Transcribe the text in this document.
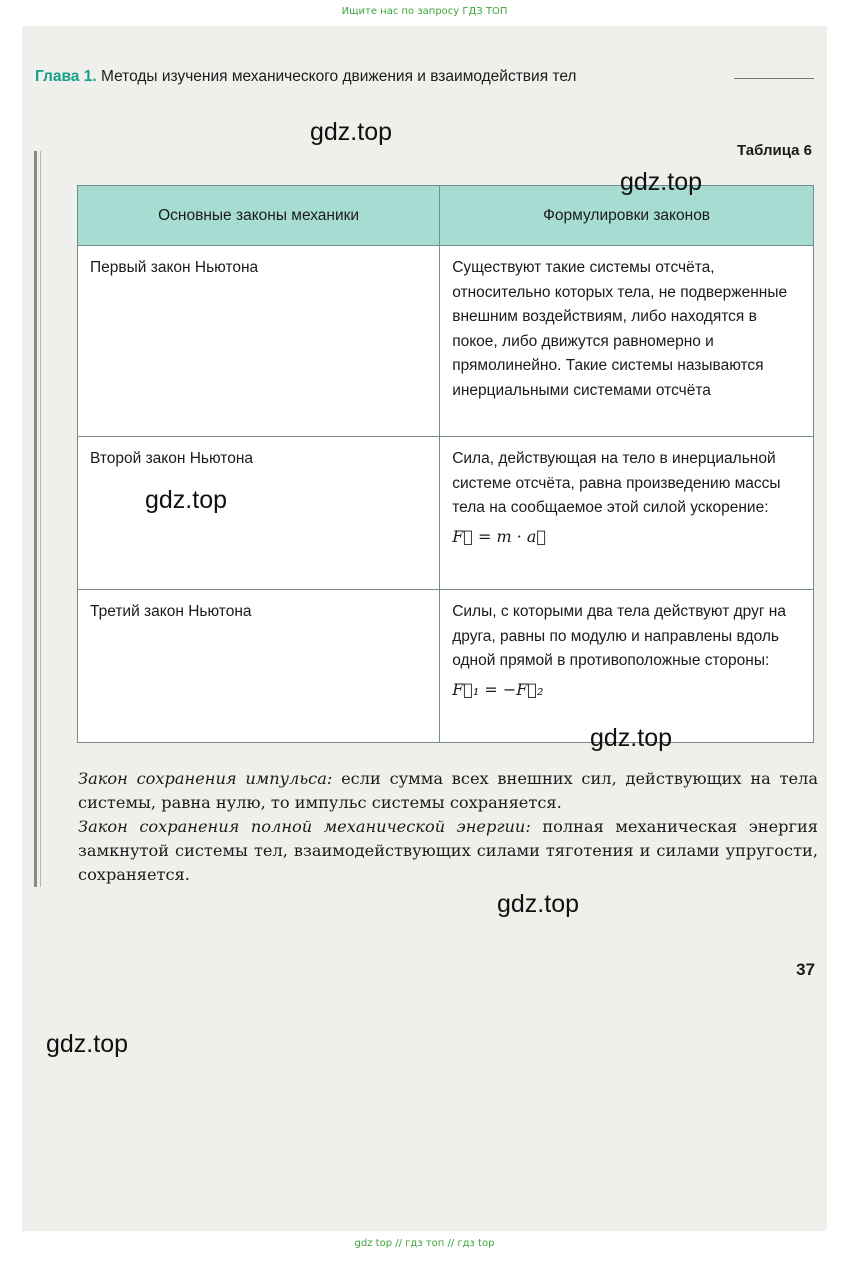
Ищите нас по запросу ГДЗ ТОП
Глава 1. Методы изучения механического движения и взаимодействия тел
Таблица 6
Основные законы механики	Формулировки законов
Первый закон Ньютона	Существуют такие системы отсчёта, относительно которых тела, не подверженные внешним воздействиям, либо находятся в покое, либо движутся равномерно и прямолинейно. Такие системы называются инерциальными системами отсчёта
Второй закон Ньютона	Сила, действующая на тело в инерциальной системе отсчёта, равна произведению массы тела на сообщаемое этой силой ускорение:
F⃗ = m · a⃗

Третий закон Ньютона	Силы, с которыми два тела действуют друг на друга, равны по модулю и направлены вдоль одной прямой в противоположные стороны:
F⃗₁ = −F⃗₂

Закон сохранения импульса: если сумма всех внешних сил, действующих на тела системы, равна нулю, то импульс системы сохраняется.

Закон сохранения полной механической энергии: полная механическая энергия замкнутой системы тел, взаимодействующих силами тяготения и силами упругости, сохраняется.

37
gdz.top
gdz.top
gdz.top
gdz.top
gdz.top
gdz.top
gdz top // гдз топ // гдз top
